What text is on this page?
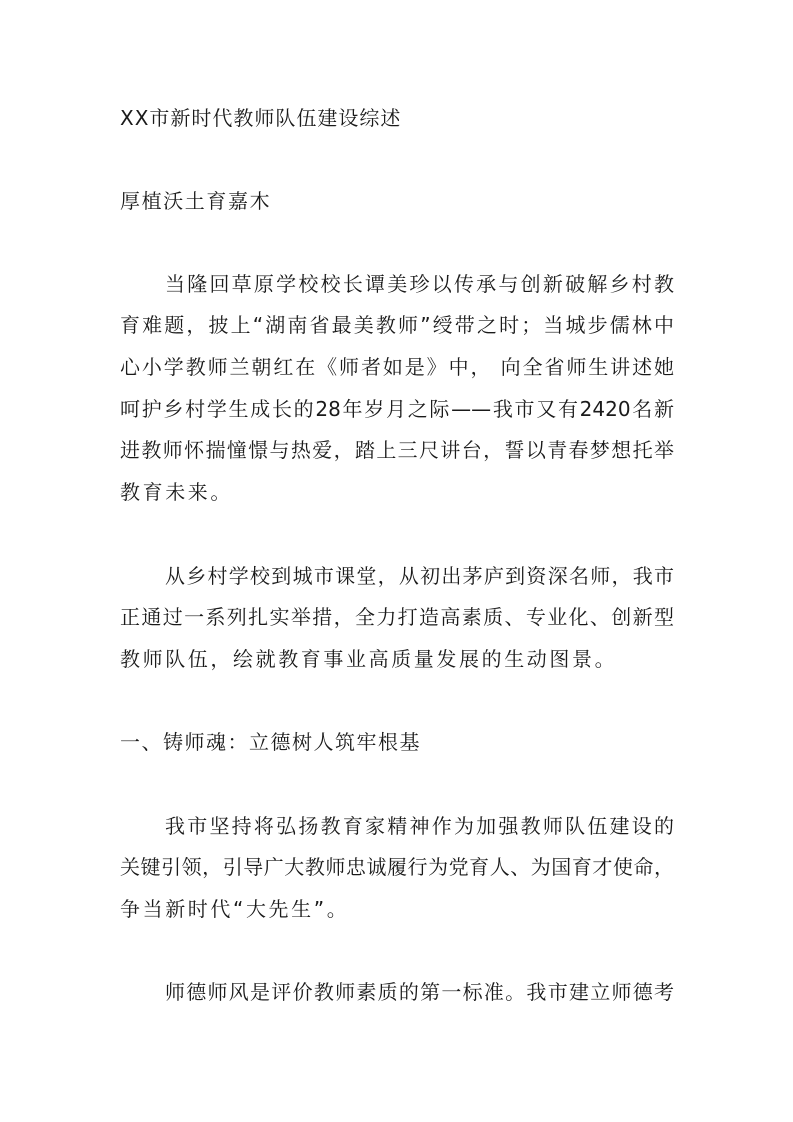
XX市新时代教师队伍建设综述
厚植沃土育嘉木
当隆回草原学校校长谭美珍以传承与创新破解乡村教
育难题，披上“湖南省最美教师”绶带之时；当城步儒林中
心小学教师兰朝红在《师者如是》中， 向全省师生讲述她
呵护乡村学生成长的28年岁月之际——我市又有2420名新
进教师怀揣憧憬与热爱，踏上三尺讲台，誓以青春梦想托举
教育未来。
从乡村学校到城市课堂，从初出茅庐到资深名师，我市
正通过一系列扎实举措，全力打造高素质、专业化、创新型
教师队伍，绘就教育事业高质量发展的生动图景。
一、铸师魂：立德树人筑牢根基
我市坚持将弘扬教育家精神作为加强教师队伍建设的
关键引领，引导广大教师忠诚履行为党育人、为国育才使命，
争当新时代“大先生”。
师德师风是评价教师素质的第一标准。我市建立师德考
